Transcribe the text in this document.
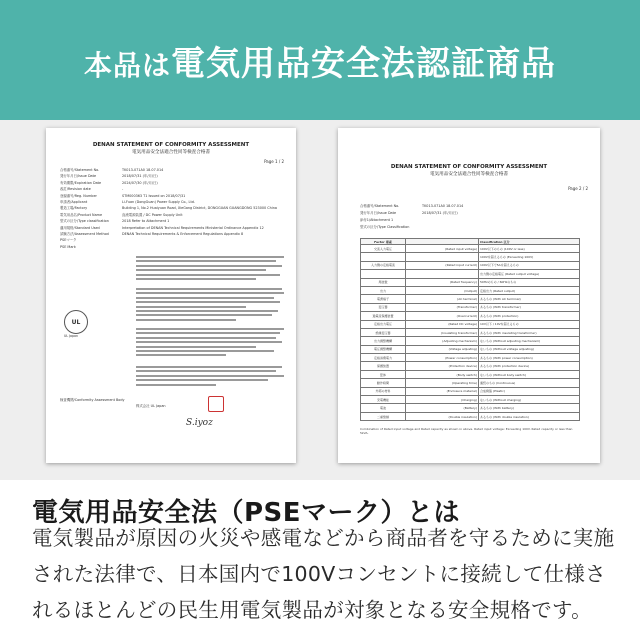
本品は電気用品安全法認証商品
DENAN STATEMENT OF CONFORMITY ASSESSMENT
電気用品安全法適合性同等検査合格書
Page 1 / 2
合格番号/Statement No.	TK013-071A0 18.07.014
発行年月日/Issue Date	2018/07/31 (年/月/日)
有効期限/Expiration Date	2024/07/30 (年/月/日)
改訂/Revision date	-
登録番号/Reg. Number	STM000363 T1 Issued on 2018/07/31
申請者/Applicant	Li-Fuan (DongGuan) Power Supply Co., Ltd.
製造工場/Factory	Building 1, No.2 Huaiyuan Road, XieGang District, DONGGUAN GUANGDONG 523000 China
電気用品名/Product Name	直流電源装置 / DC Power Supply Unit
型式の区分/Type classification	2018 Refer to Attachment 1
適用規格/Standard Used	Interpretation of DENAN Technical Requirements Ministerial Ordinance Appendix 12
試験方法/Assessment Method	DENAN Technical Requirements & Enforcement Regulations Appendix 8
PSEマーク
PSE Mark
UL
UL Japan
検査機関/Conformity Assessment Body
株式会社 UL Japan
S.iyoz
DENAN STATEMENT OF CONFORMITY ASSESSMENT
電気用品安全法適合性同等検査合格書
Page 2 / 2
合格番号/Statement No.	TK013-071A0 18.07.014
発行年月日/Issue Date	2018/07/31 (年/月/日)
添付1/Attachment 1
型式の区分/Type Classification
Factor 要素		Classification 区分
交流入力電圧	(Rated input voltage)	100V以下のもの (100V or less)
		100Vを超えるもの (Exceeding 100V)
入力側の定格電流	(Rated input current)	100V以下で5Aを超えるもの
		出力側の定格電圧 (Rated output voltage)
周波数	(Rated frequency)	50Hzのもの / 60Hzのもの
出力	(Output)	定格出力 (Rated output)
電源端子	(AC terminal)	あるもの (With AC terminal)
変圧器	(Transformer)	あるもの (With transformer)
過電流保護装置	(Overcurrent)	あるもの (With protection)
定格出力電圧	(Rated DC voltage)	10V以下 / 10Vを超えるもの
絶縁変圧器	(Insulating transformer)	あるもの (With insulating transformer)
出力調整機構	(Adjusting mechanism)	ないもの (Without adjusting mechanism)
電圧調整機構	(Voltage adjusting)	ないもの (Without voltage adjusting)
定格消費電力	(Power consumption)	あるもの (With power consumption)
保護装置	(Protection device)	あるもの (With protection device)
筐体	(Body switch)	ないもの (Without body switch)
動作時間	(Operating time)	連続のもの (Continuous)
外郭の材料	(Enclosure material)	合成樹脂 (Plastic)
充電機能	(Charging)	ないもの (Without charging)
電池	(Battery)	あるもの (With battery)
二重絶縁	(Double insulation)	あるもの (With double insulation)
Combination of Rated input voltage and Rated capacity as shown in above. Rated input voltage: Exceeding 100V. Rated capacity or less than 5kVA.
電気用品安全法（PSEマーク）とは
電気製品が原因の火災や感電などから商品者を守るために実施された法律で、日本国内で100Vコンセントに接続して仕様されるほとんどの民生用電気製品が対象となる安全規格です。
